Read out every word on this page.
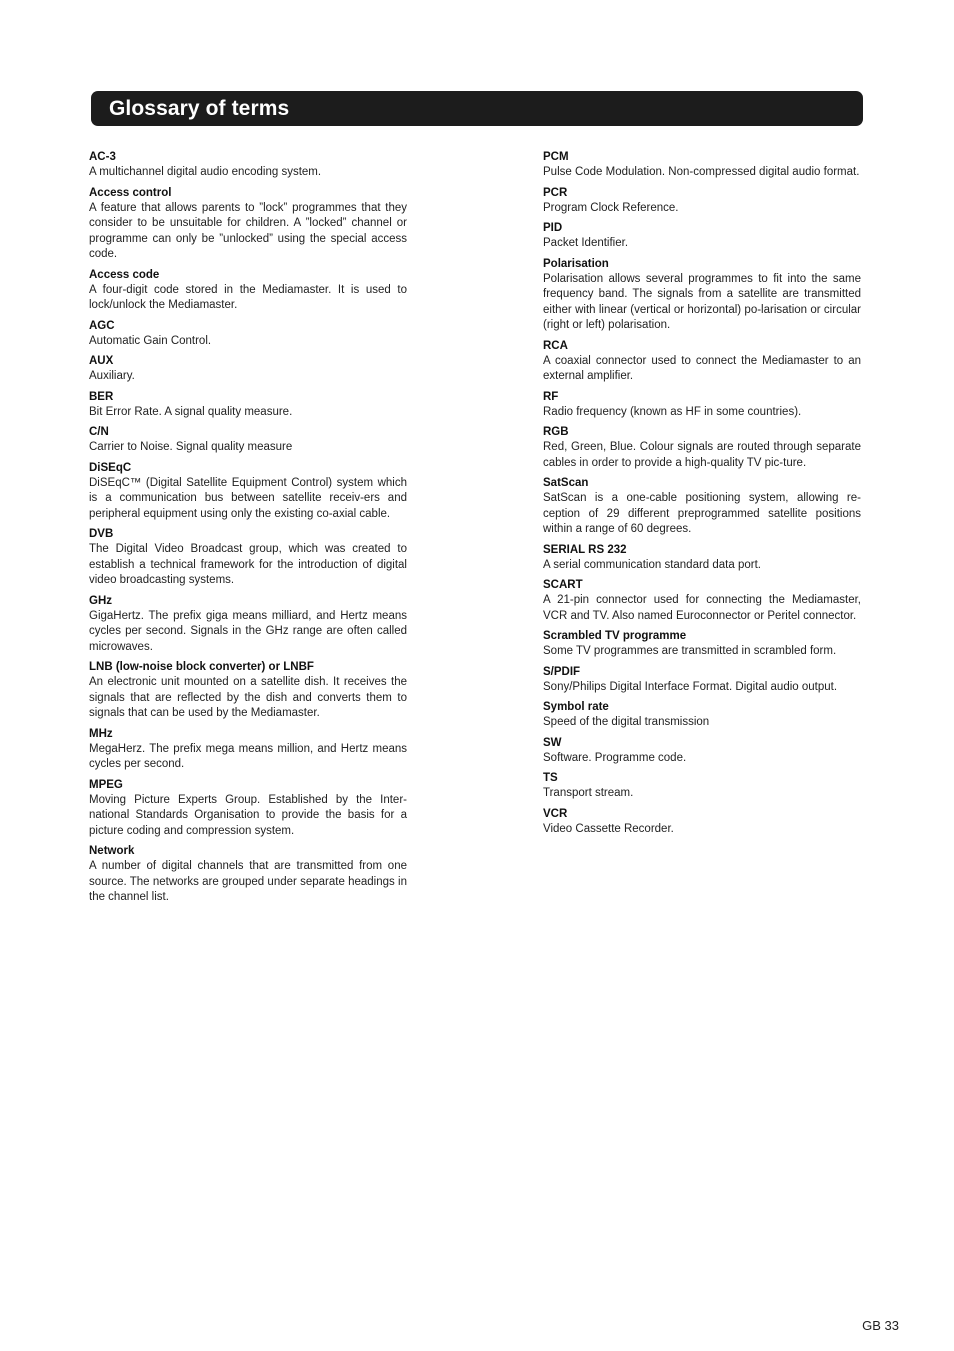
Glossary of terms
AC-3
A multichannel digital audio encoding system.
Access control
A feature that allows parents to ”lock” programmes that they consider to be unsuitable for children. A ”locked” channel or programme can only be ”unlocked” using the special access code.
Access code
A four-digit code stored in the Mediamaster. It is used to lock/unlock the Mediamaster.
AGC
Automatic Gain Control.
AUX
Auxiliary.
BER
Bit Error Rate. A signal quality measure.
C/N
Carrier to Noise. Signal quality measure
DiSEqC
DiSEqC™ (Digital Satellite Equipment Control) system which is a communication bus between satellite receiv-ers and peripheral equipment using only the existing co-axial cable.
DVB
The Digital Video Broadcast group, which was created to establish a technical framework for the introduction of digital video broadcasting systems.
GHz
GigaHertz. The prefix giga means milliard, and Hertz means cycles per second. Signals in the GHz range are often called microwaves.
LNB (low-noise block converter) or LNBF
An electronic unit mounted on a satellite dish. It receives the signals that are reflected by the dish and converts them to signals that can be used by the Mediamaster.
MHz
MegaHerz. The prefix mega means million, and Hertz means cycles per second.
MPEG
Moving Picture Experts Group. Established by the Inter-national Standards Organisation to provide the basis for a picture coding and compression system.
Network
A number of digital channels that are transmitted from one source. The networks are grouped under separate headings in the channel list.
PCM
Pulse Code Modulation. Non-compressed digital audio format.
PCR
Program Clock Reference.
PID
Packet Identifier.
Polarisation
Polarisation allows several programmes to fit into the same frequency band. The signals from a satellite are transmitted either with linear (vertical or horizontal) po-larisation or circular (right or left) polarisation.
RCA
A coaxial connector used to connect the Mediamaster to an external amplifier.
RF
Radio frequency (known as HF in some countries).
RGB
Red, Green, Blue. Colour signals are routed through separate cables in order to provide a high-quality TV pic-ture.
SatScan
SatScan is a one-cable positioning system, allowing re-ception of 29 different preprogrammed satellite positions within a range of 60 degrees.
SERIAL RS 232
A serial communication standard data port.
SCART
A 21-pin connector used for connecting the Mediamaster, VCR and TV. Also named Euroconnector or Peritel connector.
Scrambled TV programme
Some TV programmes are transmitted in scrambled form.
S/PDIF
Sony/Philips Digital Interface Format. Digital audio output.
Symbol rate
Speed of the digital transmission
SW
Software. Programme code.
TS
Transport stream.
VCR
Video Cassette Recorder.
GB 33
